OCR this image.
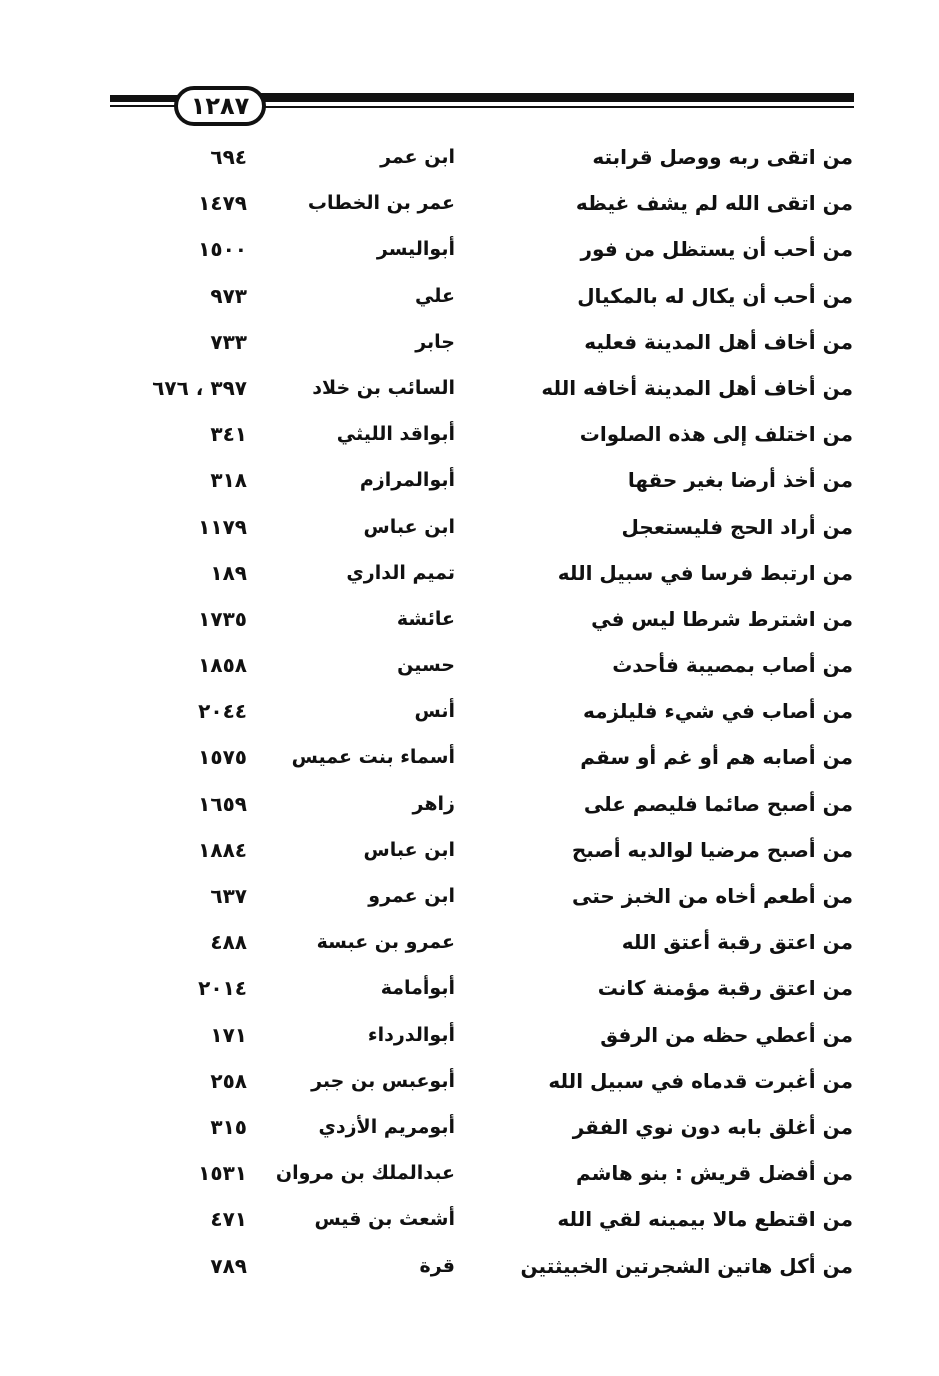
١٢٨٧
من اتقى ربه ووصل قرابته
ابن عمر
٦٩٤
من اتقى الله لم يشف غيظه
عمر بن الخطاب
١٤٧٩
من أحب أن يستظل من فور
أبواليسر
١٥٠٠
من أحب أن يكال له بالمكيال
علي
٩٧٣
من أخاف أهل المدينة فعليه
جابر
٧٣٣
من أخاف أهل المدينة أخافه الله
السائب بن خلاد
٣٩٧ ، ٦٧٦
من اختلف إلى هذه الصلوات
أبواقد الليثي
٣٤١
من أخذ أرضا بغير حقها
أبوالمرازم
٣١٨
من أراد الحج فليستعجل
ابن عباس
١١٧٩
من ارتبط فرسا في سبيل الله
تميم الداري
١٨٩
من اشترط شرطا ليس في
عائشة
١٧٣٥
من أصاب بمصيبة فأحدث
حسين
١٨٥٨
من أصاب في شيء فليلزمه
أنس
٢٠٤٤
من أصابه هم أو غم أو سقم
أسماء بنت عميس
١٥٧٥
من أصبح صائما فليصم على
زاهر
١٦٥٩
من أصبح مرضيا لوالديه أصبح
ابن عباس
١٨٨٤
من أطعم أخاه من الخبز حتى
ابن عمرو
٦٣٧
من اعتق رقبة أعتق الله
عمرو بن عبسة
٤٨٨
من اعتق رقبة مؤمنة كانت
أبوأمامة
٢٠١٤
من أعطي حظه من الرفق
أبوالدرداء
١٧١
من أغبرت قدماه في سبيل الله
أبوعبس بن جبر
٢٥٨
من أغلق بابه دون نوي الفقر
أبومريم الأزدي
٣١٥
من أفضل قريش : بنو هاشم
عبدالملك بن مروان
١٥٣١
من اقتطع مالا بيمينه لقي الله
أشعث بن قيس
٤٧١
من أكل هاتين الشجرتين الخبيثتين
قرة
٧٨٩
